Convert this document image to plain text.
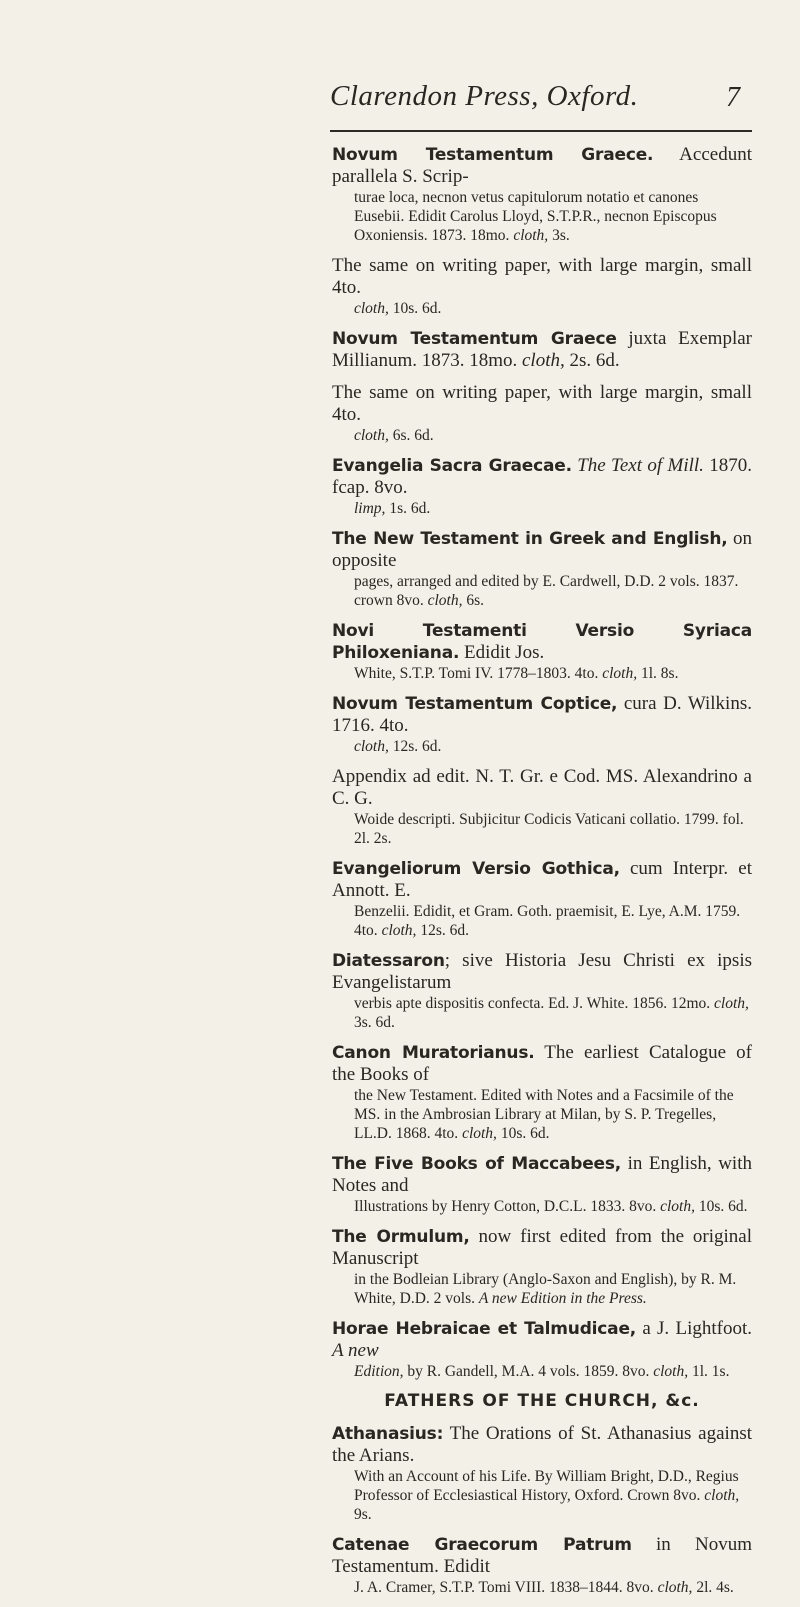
Clarendon Press, Oxford.	7

Novum Testamentum Graece. Accedunt parallela S. Scrip-

turae loca, necnon vetus capitulorum notatio et canones Eusebii. Edidit Carolus Lloyd, S.T.P.R., necnon Episcopus Oxoniensis. 1873. 18mo. cloth, 3s.

The same on writing paper, with large margin, small 4to.

cloth, 10s. 6d.

Novum Testamentum Graece juxta Exemplar Millianum. 1873. 18mo. cloth, 2s. 6d.

The same on writing paper, with large margin, small 4to.

cloth, 6s. 6d.

Evangelia Sacra Graecae. The Text of Mill. 1870. fcap. 8vo.

limp, 1s. 6d.

The New Testament in Greek and English, on opposite

pages, arranged and edited by E. Cardwell, D.D. 2 vols. 1837. crown 8vo. cloth, 6s.

Novi Testamenti Versio Syriaca Philoxeniana. Edidit Jos.

White, S.T.P. Tomi IV. 1778–1803. 4to. cloth, 1l. 8s.

Novum Testamentum Coptice, cura D. Wilkins. 1716. 4to.

cloth, 12s. 6d.

Appendix ad edit. N. T. Gr. e Cod. MS. Alexandrino a C. G.

Woide descripti. Subjicitur Codicis Vaticani collatio. 1799. fol. 2l. 2s.

Evangeliorum Versio Gothica, cum Interpr. et Annott. E.

Benzelii. Edidit, et Gram. Goth. praemisit, E. Lye, A.M. 1759. 4to. cloth, 12s. 6d.

Diatessaron; sive Historia Jesu Christi ex ipsis Evangelistarum

verbis apte dispositis confecta. Ed. J. White. 1856. 12mo. cloth, 3s. 6d.

Canon Muratorianus. The earliest Catalogue of the Books of

the New Testament. Edited with Notes and a Facsimile of the MS. in the Ambrosian Library at Milan, by S. P. Tregelles, LL.D. 1868. 4to. cloth, 10s. 6d.

The Five Books of Maccabees, in English, with Notes and

Illustrations by Henry Cotton, D.C.L. 1833. 8vo. cloth, 10s. 6d.

The Ormulum, now first edited from the original Manuscript

in the Bodleian Library (Anglo-Saxon and English), by R. M. White, D.D. 2 vols. A new Edition in the Press.

Horae Hebraicae et Talmudicae, a J. Lightfoot. A new

Edition, by R. Gandell, M.A. 4 vols. 1859. 8vo. cloth, 1l. 1s.

FATHERS OF THE CHURCH, &c.

Athanasius: The Orations of St. Athanasius against the Arians.

With an Account of his Life. By William Bright, D.D., Regius Professor of Ecclesiastical History, Oxford. Crown 8vo. cloth, 9s.

Catenae Graecorum Patrum in Novum Testamentum. Edidit

J. A. Cramer, S.T.P. Tomi VIII. 1838–1844. 8vo. cloth, 2l. 4s.
